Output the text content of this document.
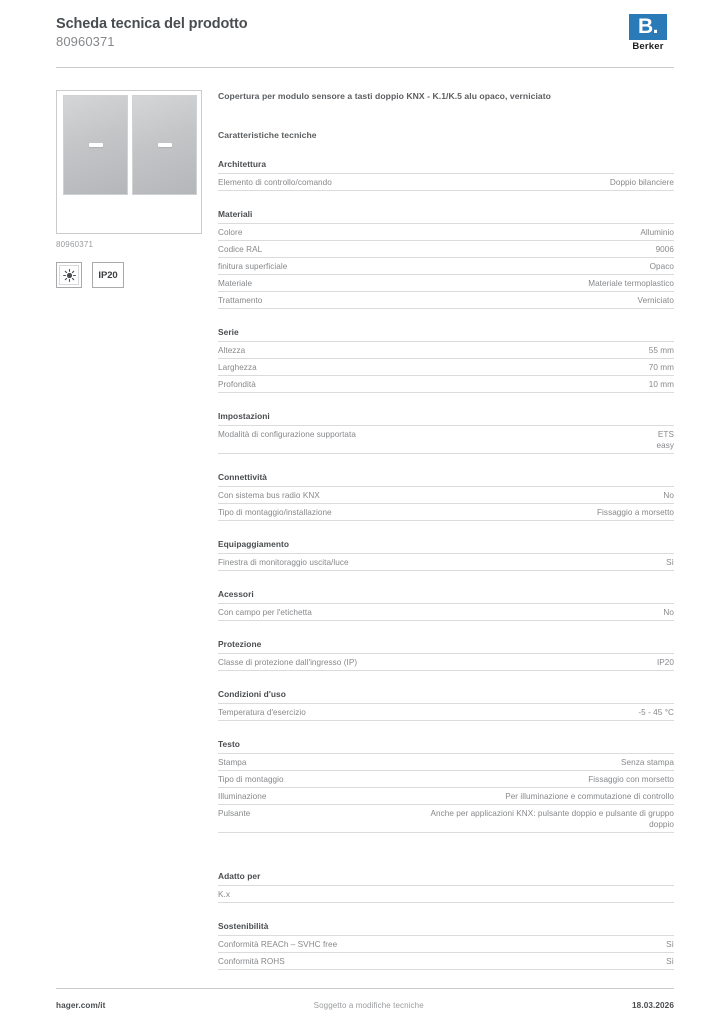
Scheda tecnica del prodotto
80960371
B.
Berker
80960371
IP20

Copertura per modulo sensore a tasti doppio KNX - K.1/K.5 alu opaco, verniciato

Caratteristiche tecniche

Architettura
Elemento di controllo/comando	Doppio bilanciere
Materiali
Colore	Alluminio
Codice RAL	9006
finitura superficiale	Opaco
Materiale	Materiale termoplastico
Trattamento	Verniciato
Serie
Altezza	55 mm
Larghezza	70 mm
Profondità	10 mm
Impostazioni
Modalità di configurazione supportata	ETS
easy
Connettività
Con sistema bus radio KNX	No
Tipo di montaggio/installazione	Fissaggio a morsetto
Equipaggiamento
Finestra di monitoraggio uscita/luce	Sì
Acessori
Con campo per l'etichetta	No
Protezione
Classe di protezione dall'ingresso (IP)	IP20
Condizioni d'uso
Temperatura d'esercizio	-5 - 45 °C
Testo
Stampa	Senza stampa
Tipo di montaggio	Fissaggio con morsetto
Illuminazione	Per illuminazione e commutazione di controllo
Pulsante	Anche per applicazioni KNX: pulsante doppio e pulsante di gruppo
doppio
Adatto per
K.x
Sostenibilità
Conformità REACh – SVHC free	Sì
Conformità ROHS	Sì
hager.com/it	Soggetto a modifiche tecniche	18.03.2026
